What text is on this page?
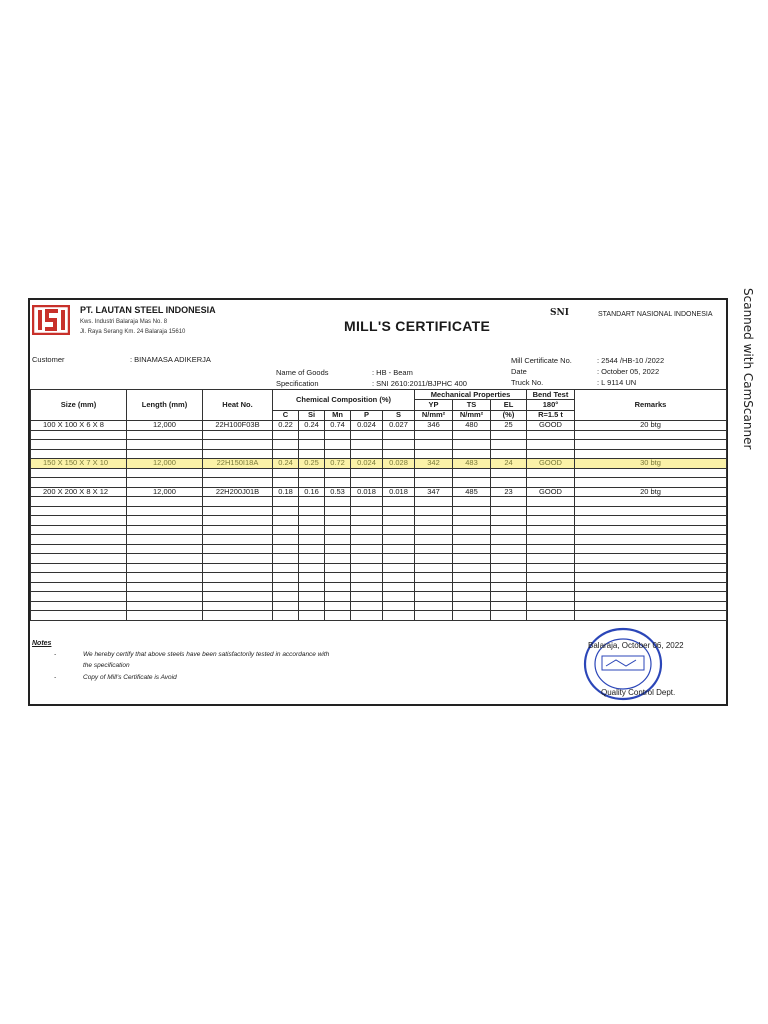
Scanned with CamScanner
PT. LAUTAN STEEL INDONESIA
Kws. Industri Balaraja Mas No. 8
Jl. Raya Serang Km. 24 Balaraja 15610	MILL'S CERTIFICATE
SNI	STANDART NASIONAL INDONESIA
Customer	: BINAMASA ADIKERJA
Name of Goods	: HB - Beam
Specification	: SNI 2610:2011/BJPHC 400
Mill Certificate No.	: 2544 /HB-10 /2022
Date	: October 05, 2022
Truck No.	: L 9114 UN
Size (mm)	Length (mm)	Heat No.	Chemical Composition (%)					Mechanical Properties			Bend Test	Remarks
								YP	TS	EL	180°	
			C	Si	Mn	P	S	N/mm²	N/mm²	(%)	R=1.5 t	
100 X 100 X 6 X 8	12,000	22H100F03B	0.22	0.24	0.74	0.024	0.027	346	480	25	GOOD	20 btg

150 X 150 X 7 X 10	12,000	22H150I18A	0.24	0.25	0.72	0.024	0.028	342	483	24	GOOD	30 btg

200 X 200 X 8 X 12	12,000	22H200J01B	0.18	0.16	0.53	0.018	0.018	347	485	23	GOOD	20 btg

Notes
-	We hereby certify that above steels have been satisfactorily tested in accordance with
the specification
-	Copy of Mill's Certificate is Avoid
Balaraja, October 06, 2022
Quality Control Dept.
